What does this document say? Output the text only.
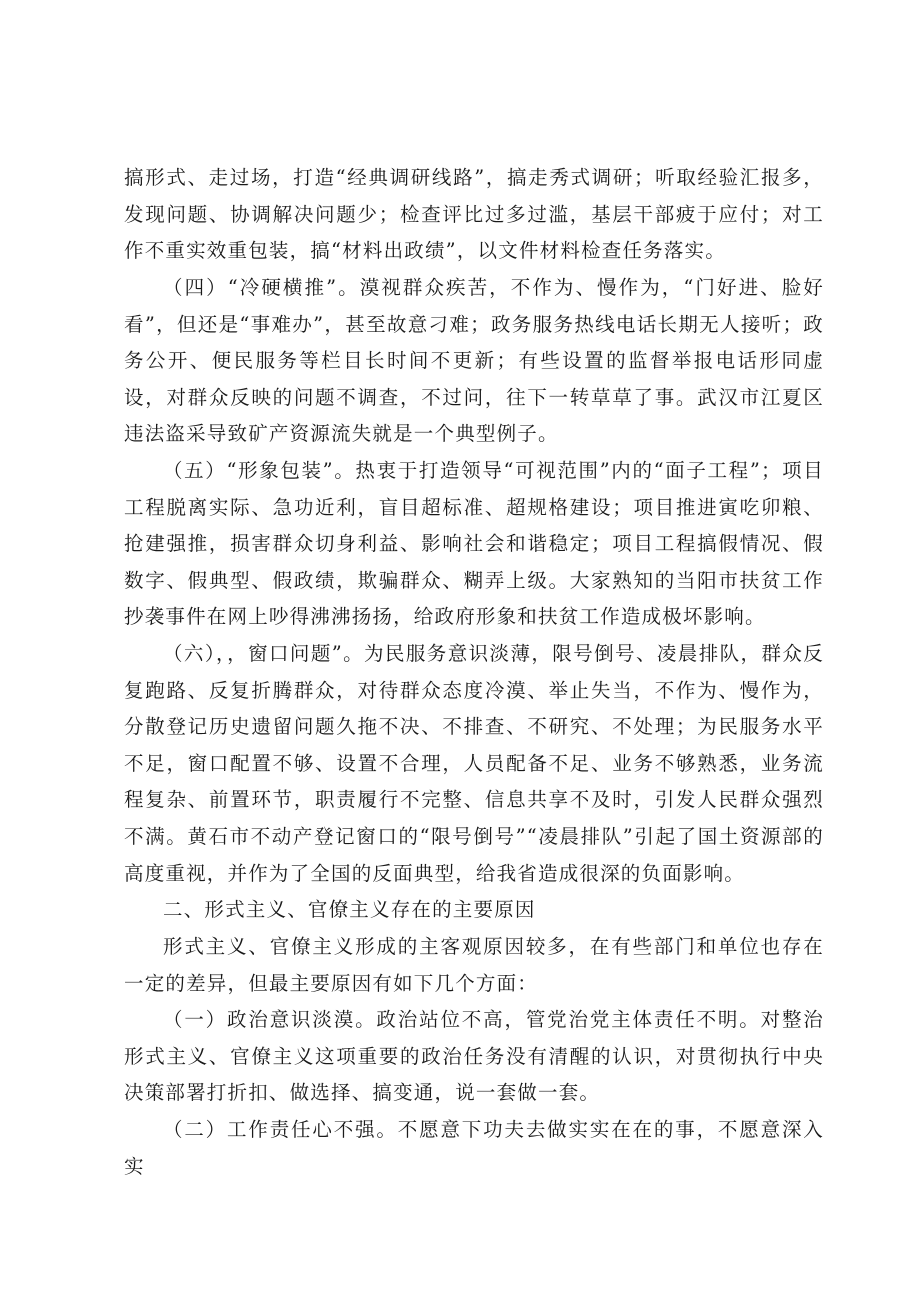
搞形式、走过场，打造“经典调研线路”，搞走秀式调研；听取经验汇报多，发现问题、协调解决问题少；检查评比过多过滥，基层干部疲于应付；对工作不重实效重包装，搞“材料出政绩”，以文件材料检查任务落实。

（四）“冷硬横推”。漠视群众疾苦，不作为、慢作为，“门好进、脸好看”，但还是“事难办”，甚至故意刁难；政务服务热线电话长期无人接听；政务公开、便民服务等栏目长时间不更新；有些设置的监督举报电话形同虚设，对群众反映的问题不调查，不过问，往下一转草草了事。武汉市江夏区违法盗采导致矿产资源流失就是一个典型例子。

（五）“形象包装”。热衷于打造领导“可视范围”内的“面子工程”；项目工程脱离实际、急功近利，盲目超标准、超规格建设；项目推进寅吃卯粮、抢建强推，损害群众切身利益、影响社会和谐稳定；项目工程搞假情况、假数字、假典型、假政绩，欺骗群众、糊弄上级。大家熟知的当阳市扶贫工作抄袭事件在网上吵得沸沸扬扬，给政府形象和扶贫工作造成极坏影响。

（六），，窗口问题”。为民服务意识淡薄，限号倒号、凌晨排队，群众反复跑路、反复折腾群众，对待群众态度冷漠、举止失当，不作为、慢作为，分散登记历史遗留问题久拖不决、不排查、不研究、不处理；为民服务水平不足，窗口配置不够、设置不合理，人员配备不足、业务不够熟悉，业务流程复杂、前置环节，职责履行不完整、信息共享不及时，引发人民群众强烈不满。黄石市不动产登记窗口的“限号倒号”“凌晨排队”引起了国土资源部的高度重视，并作为了全国的反面典型，给我省造成很深的负面影响。

二、形式主义、官僚主义存在的主要原因

形式主义、官僚主义形成的主客观原因较多，在有些部门和单位也存在一定的差异，但最主要原因有如下几个方面：

（一）政治意识淡漠。政治站位不高，管党治党主体责任不明。对整治形式主义、官僚主义这项重要的政治任务没有清醒的认识，对贯彻执行中央决策部署打折扣、做选择、搞变通，说一套做一套。

（二）工作责任心不强。不愿意下功夫去做实实在在的事，不愿意深入实
